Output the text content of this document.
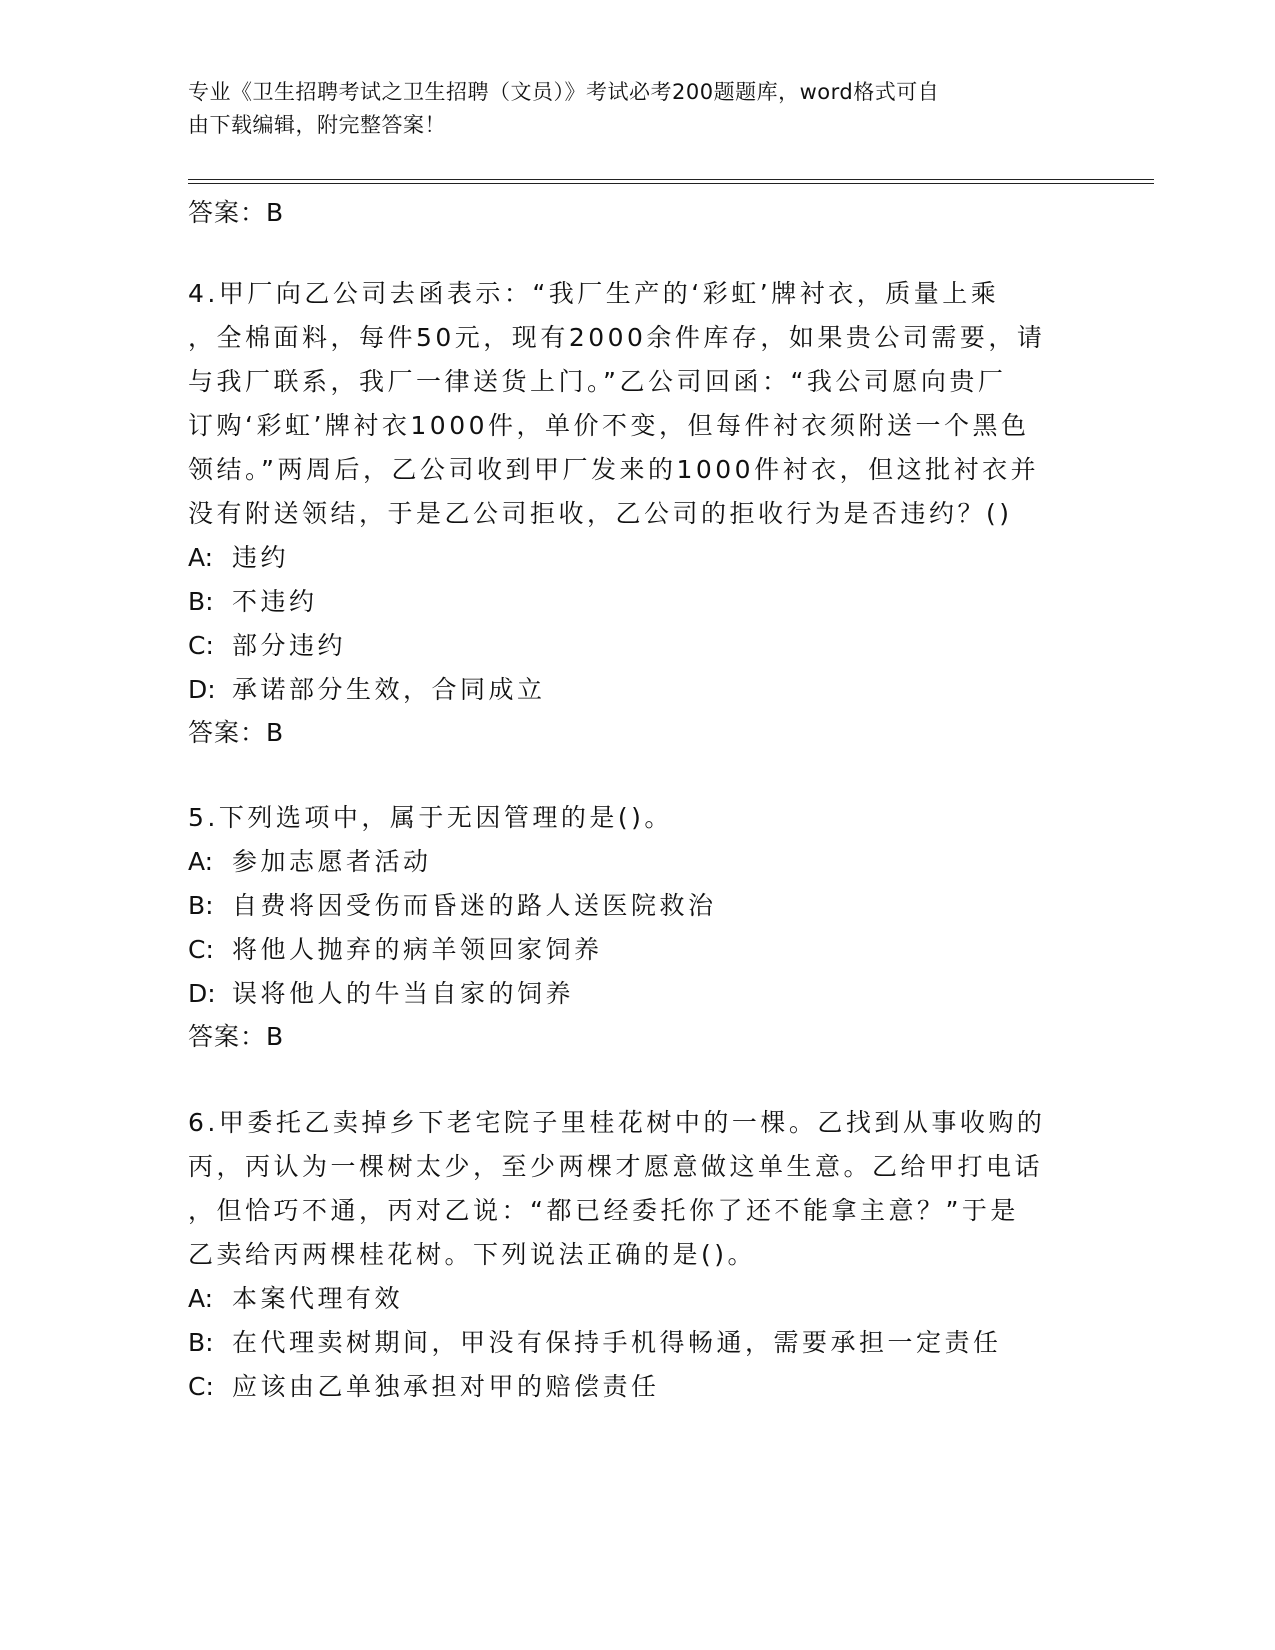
专业《卫生招聘考试之卫生招聘（文员）》考试必考200题题库，word格式可自
由下载编辑，附完整答案！
答案：B
4.甲厂向乙公司去函表示：“我厂生产的‘彩虹’牌衬衣，质量上乘
，全棉面料，每件50元，现有2000余件库存，如果贵公司需要，请
与我厂联系，我厂一律送货上门。”乙公司回函：“我公司愿向贵厂
订购‘彩虹’牌衬衣1000件，单价不变，但每件衬衣须附送一个黑色
领结。”两周后，乙公司收到甲厂发来的1000件衬衣，但这批衬衣并
没有附送领结，于是乙公司拒收，乙公司的拒收行为是否违约？()
A: 违约
B: 不违约
C: 部分违约
D: 承诺部分生效，合同成立
答案：B
5.下列选项中，属于无因管理的是()。
A: 参加志愿者活动
B: 自费将因受伤而昏迷的路人送医院救治
C: 将他人抛弃的病羊领回家饲养
D: 误将他人的牛当自家的饲养
答案：B
6.甲委托乙卖掉乡下老宅院子里桂花树中的一棵。乙找到从事收购的
丙，丙认为一棵树太少，至少两棵才愿意做这单生意。乙给甲打电话
，但恰巧不通，丙对乙说：“都已经委托你了还不能拿主意？”于是
乙卖给丙两棵桂花树。下列说法正确的是()。
A: 本案代理有效
B: 在代理卖树期间，甲没有保持手机得畅通，需要承担一定责任
C: 应该由乙单独承担对甲的赔偿责任
